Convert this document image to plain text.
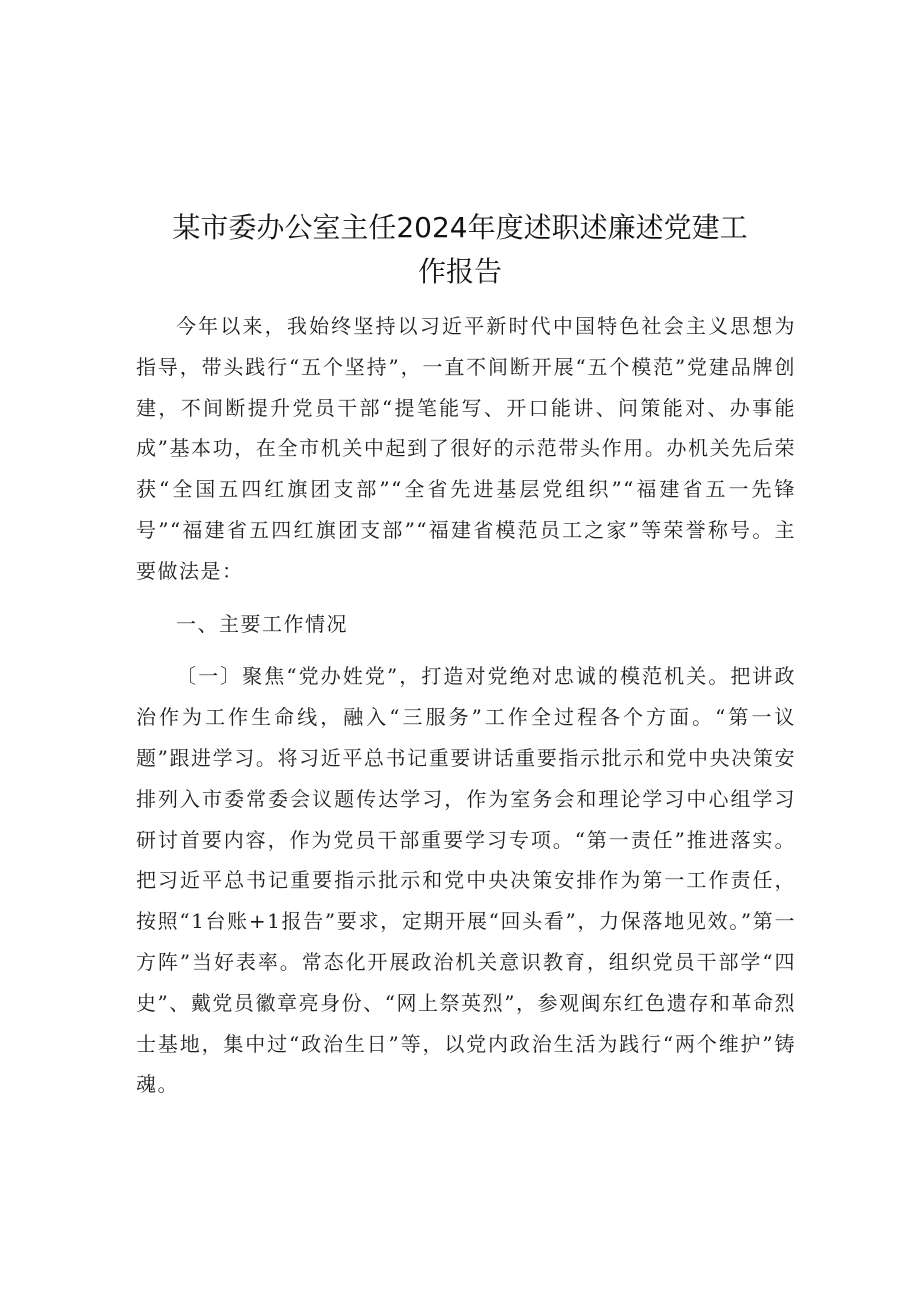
某市委办公室主任2024年度述职述廉述党建工
作报告

今年以来，我始终坚持以习近平新时代中国特色社会主义思想为指导，带头践行“五个坚持”，一直不间断开展“五个模范”党建品牌创建，不间断提升党员干部“提笔能写、开口能讲、问策能对、办事能成”基本功，在全市机关中起到了很好的示范带头作用。办机关先后荣获“全国五四红旗团支部”“全省先进基层党组织”“福建省五一先锋号”“福建省五四红旗团支部”“福建省模范员工之家”等荣誉称号。主要做法是：

一、主要工作情况

〔一〕聚焦“党办姓党”，打造对党绝对忠诚的模范机关。把讲政治作为工作生命线，融入“三服务”工作全过程各个方面。“第一议题”跟进学习。将习近平总书记重要讲话重要指示批示和党中央决策安排列入市委常委会议题传达学习，作为室务会和理论学习中心组学习研讨首要内容，作为党员干部重要学习专项。“第一责任”推进落实。把习近平总书记重要指示批示和党中央决策安排作为第一工作责任，按照“1台账+1报告”要求，定期开展“回头看”，力保落地见效。”第一方阵”当好表率。常态化开展政治机关意识教育，组织党员干部学“四史”、戴党员徽章亮身份、“网上祭英烈”，参观闽东红色遗存和革命烈士基地，集中过“政治生日”等，以党内政治生活为践行“两个维护”铸魂。
